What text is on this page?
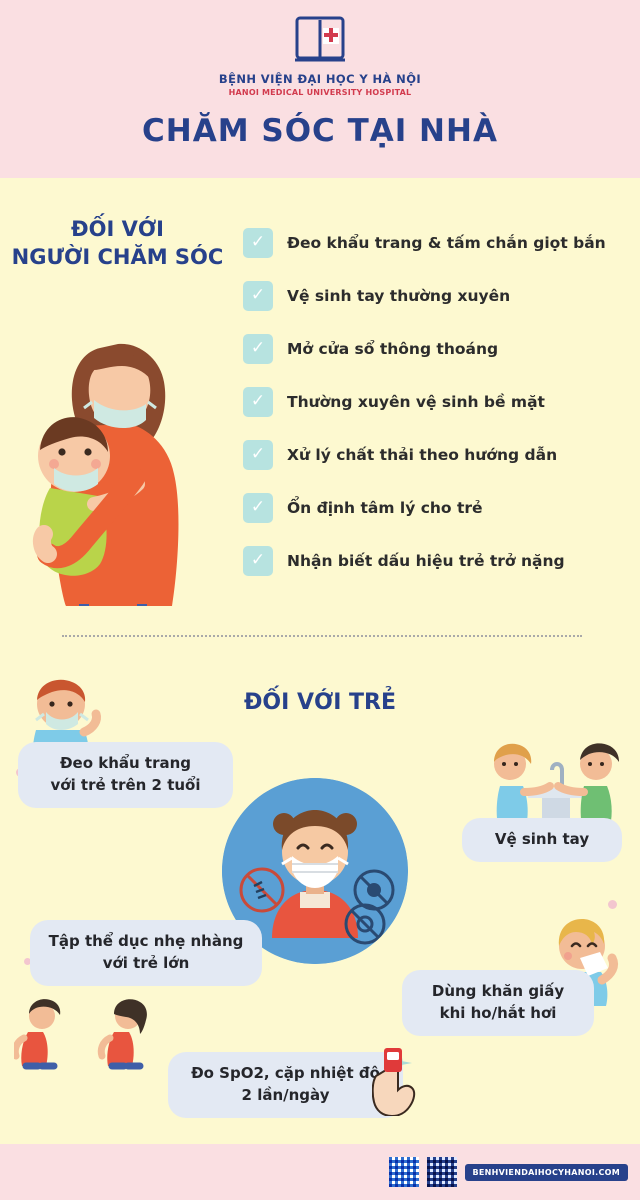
BỆNH VIỆN ĐẠI HỌC Y HÀ NỘI
HANOI MEDICAL UNIVERSITY HOSPITAL
CHĂM SÓC TẠI NHÀ
ĐỐI VỚI
NGƯỜI CHĂM SÓC
✓	Đeo khẩu trang & tấm chắn giọt bắn
✓	Vệ sinh tay thường xuyên
✓	Mở cửa sổ thông thoáng
✓	Thường xuyên vệ sinh bề mặt
✓	Xử lý chất thải theo hướng dẫn
✓	Ổn định tâm lý cho trẻ
✓	Nhận biết dấu hiệu trẻ trở nặng
ĐỐI VỚI TRẺ
Đeo khẩu trang
với trẻ trên 2 tuổi
Vệ sinh tay
Tập thể dục nhẹ nhàng
với trẻ lớn
Dùng khăn giấy
khi ho/hắt hơi
Đo SpO2, cặp nhiệt độ
2 lần/ngày
BENHVIENDAIHOCYHANOI.COM
